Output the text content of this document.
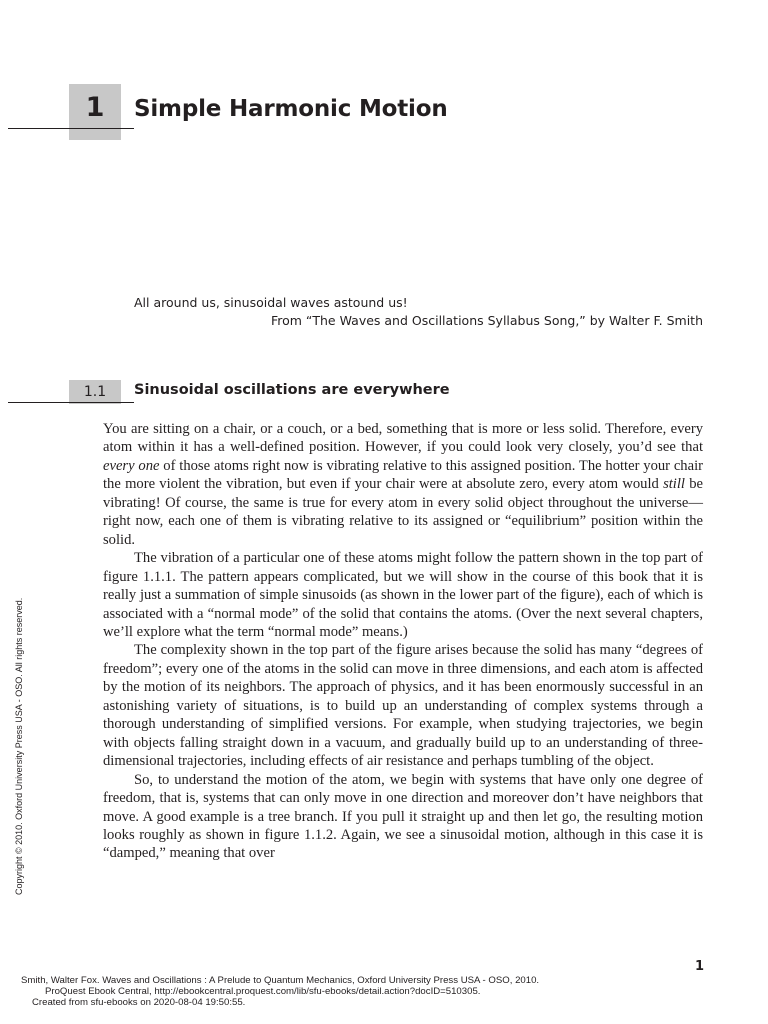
1	Simple Harmonic Motion
All around us, sinusoidal waves astound us!
From “The Waves and Oscillations Syllabus Song,” by Walter F. Smith
1.1	Sinusoidal oscillations are everywhere

You are sitting on a chair, or a couch, or a bed, something that is more or less solid. Therefore, every atom within it has a well-defined position. However, if you could look very closely, you’d see that every one of those atoms right now is vibrating relative to this assigned position. The hotter your chair the more violent the vibration, but even if your chair were at absolute zero, every atom would still be vibrating! Of course, the same is true for every atom in every solid object throughout the universe—right now, each one of them is vibrating relative to its assigned or “equilibrium” position within the solid.

The vibration of a particular one of these atoms might follow the pattern shown in the top part of figure 1.1.1. The pattern appears complicated, but we will show in the course of this book that it is really just a summation of simple sinusoids (as shown in the lower part of the figure), each of which is associated with a “normal mode” of the solid that contains the atoms. (Over the next several chapters, we’ll explore what the term “normal mode” means.)

The complexity shown in the top part of the figure arises because the solid has many “degrees of freedom”; every one of the atoms in the solid can move in three dimensions, and each atom is affected by the motion of its neighbors. The approach of physics, and it has been enormously successful in an astonishing variety of situations, is to build up an understanding of complex systems through a thorough understanding of simplified versions. For example, when studying trajectories, we begin with objects falling straight down in a vacuum, and gradually build up to an understanding of three-dimensional trajectories, including effects of air resistance and perhaps tumbling of the object.

So, to understand the motion of the atom, we begin with systems that have only one degree of freedom, that is, systems that can only move in one direction and moreover don’t have neighbors that move. A good example is a tree branch. If you pull it straight up and then let go, the resulting motion looks roughly as shown in figure 1.1.2. Again, we see a sinusoidal motion, although in this case it is “damped,” meaning that over

Copyright © 2010. Oxford University Press USA - OSO. All rights reserved.
1
Smith, Walter Fox. Waves and Oscillations : A Prelude to Quantum Mechanics, Oxford University Press USA - OSO, 2010.
ProQuest Ebook Central, http://ebookcentral.proquest.com/lib/sfu-ebooks/detail.action?docID=510305.
Created from sfu-ebooks on 2020-08-04 19:50:55.
